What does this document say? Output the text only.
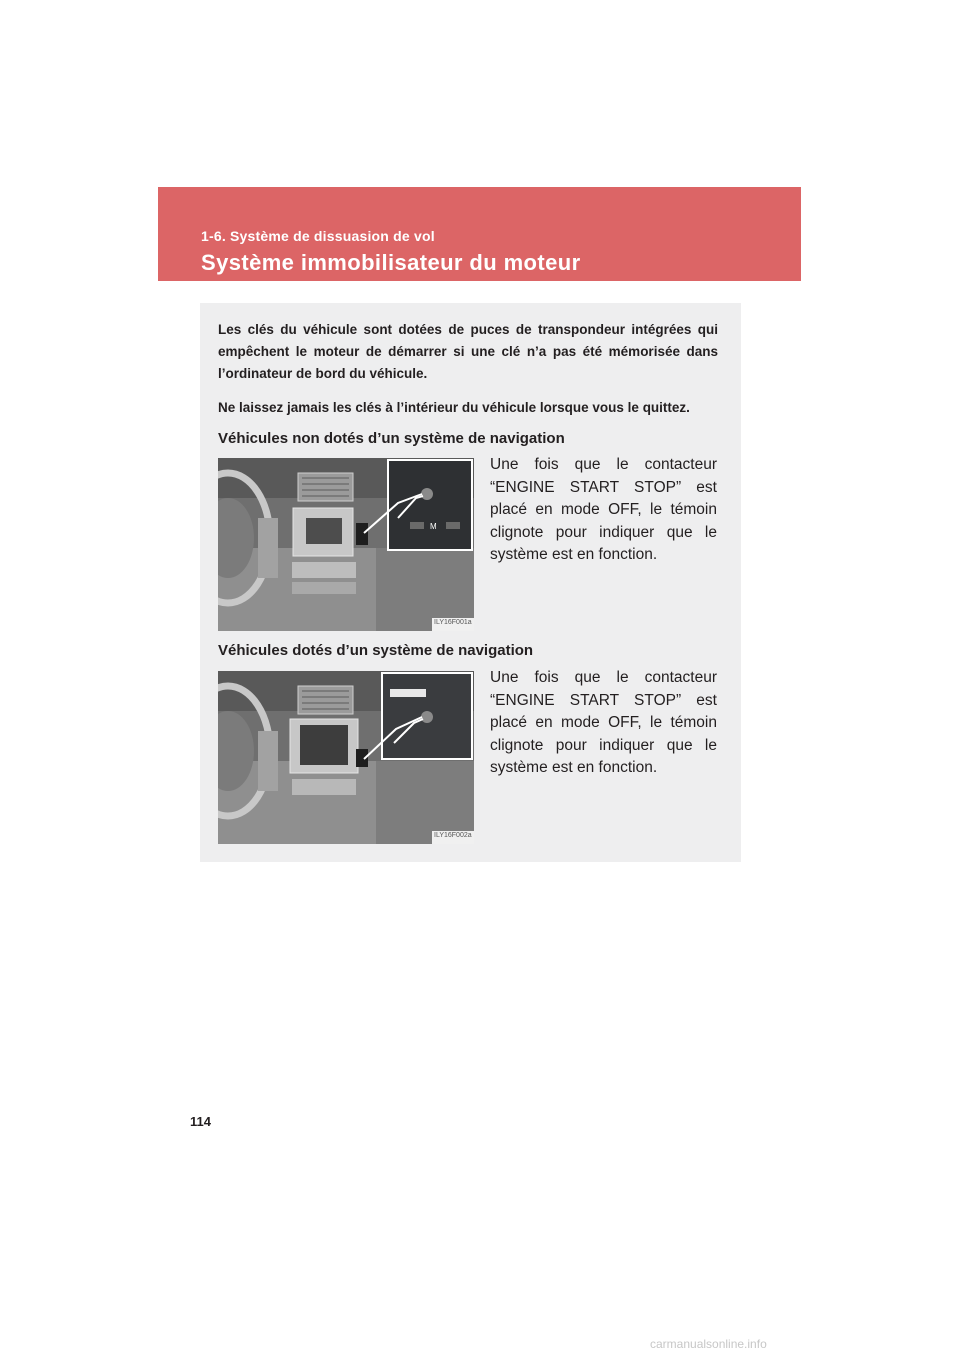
1-6. Système de dissuasion de vol
Système immobilisateur du moteur

Les clés du véhicule sont dotées de puces de transpondeur intégrées qui empêchent le moteur de démarrer si une clé n’a pas été mémorisée dans l’ordinateur de bord du véhicule.

Ne laissez jamais les clés à l’intérieur du véhicule lorsque vous le quittez.

Véhicules non dotés d’un système de navigation
M
ILY16F001a

Une fois que le contacteur “ENGINE START STOP” est placé en mode OFF, le témoin clignote pour indiquer que le système est en fonction.

Véhicules dotés d’un système de navigation
ILY16F002a

Une fois que le contacteur “ENGINE START STOP” est placé en mode OFF, le témoin clignote pour indiquer que le système est en fonction.

114
carmanualsonline.info
